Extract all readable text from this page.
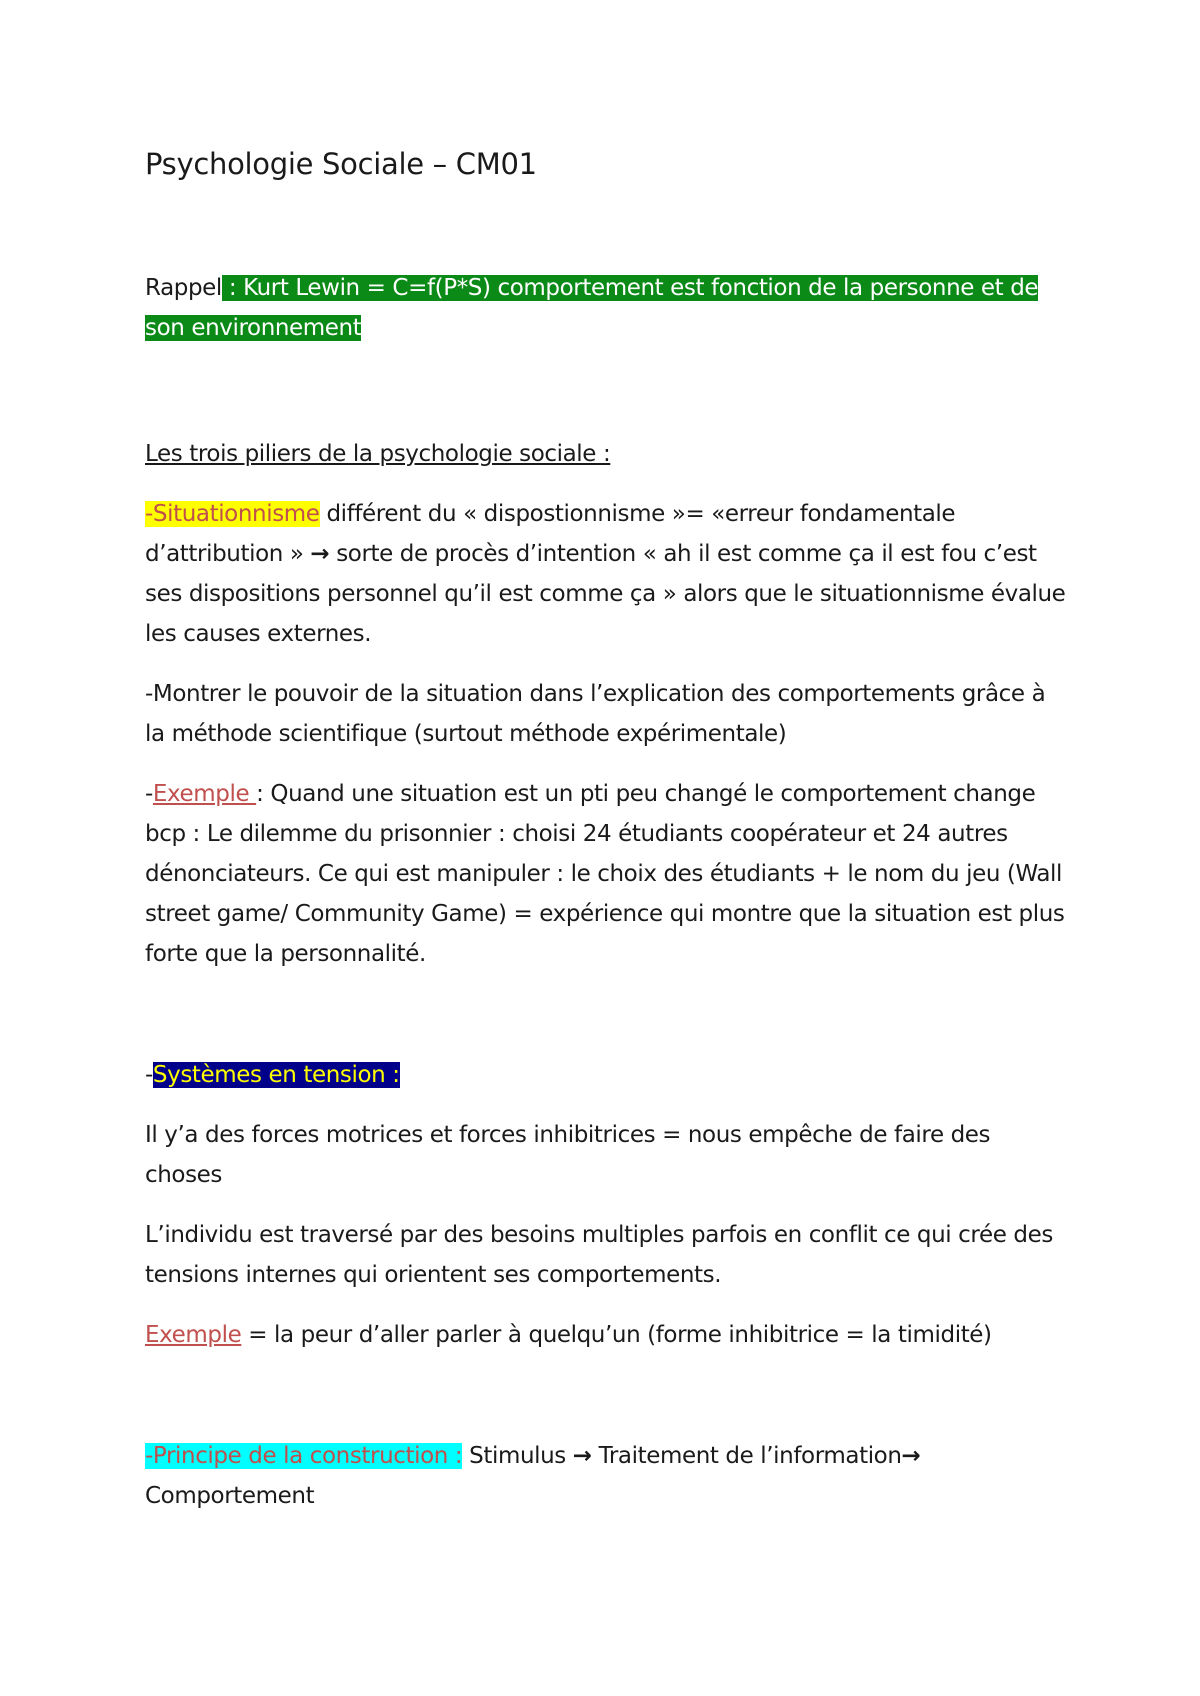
Psychologie Sociale – CM01

Rappel : Kurt Lewin = C=f(P*S) comportement est fonction de la personne et de son environnement

Les trois piliers de la psychologie sociale :

-Situationnisme différent du « dispostionnisme »= «erreur fondamentale d’attribution » → sorte de procès d’intention « ah il est comme ça il est fou c’est ses dispositions personnel qu’il est comme ça » alors que le situationnisme évalue les causes externes.

-Montrer le pouvoir de la situation dans l’explication des comportements grâce à la méthode scientifique (surtout méthode expérimentale)

-Exemple : Quand une situation est un pti peu changé le comportement change bcp : Le dilemme du prisonnier : choisi 24 étudiants coopérateur et 24 autres dénonciateurs. Ce qui est manipuler : le choix des étudiants + le nom du jeu (Wall street game/ Community Game) = expérience qui montre que la situation est plus forte que la personnalité.

-Systèmes en tension :

Il y’a des forces motrices et forces inhibitrices = nous empêche de faire des choses

L’individu est traversé par des besoins multiples parfois en conflit ce qui crée des tensions internes qui orientent ses comportements.

Exemple = la peur d’aller parler à quelqu’un (forme inhibitrice = la timidité)

-Principe de la construction : Stimulus → Traitement de l’information→ Comportement
